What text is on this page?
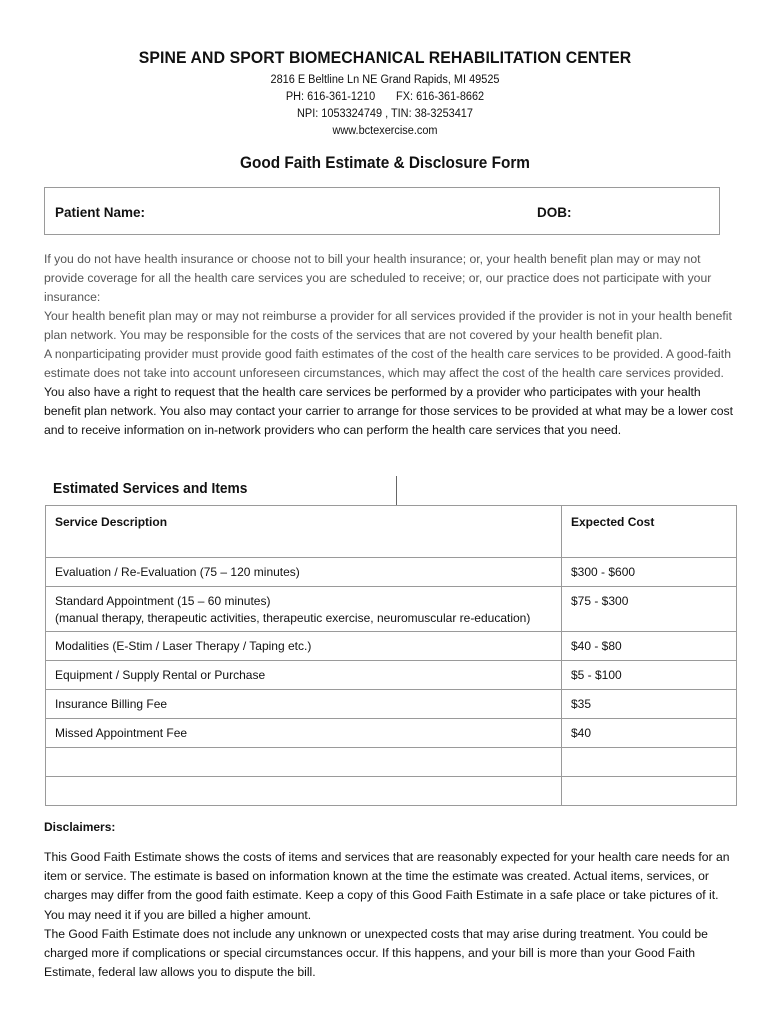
SPINE AND SPORT BIOMECHANICAL REHABILITATION CENTER
2816 E Beltline Ln NE Grand Rapids, MI 49525
PH: 616-361-1210 FX: 616-361-8662
NPI: 1053324749 , TIN: 38-3253417
www.bctexercise.com
Good Faith Estimate & Disclosure Form
Patient Name:	DOB:

If you do not have health insurance or choose not to bill your health insurance; or, your health benefit plan may or may not provide coverage for all the health care services you are scheduled to receive; or, our practice does not participate with your insurance:

Your health benefit plan may or may not reimburse a provider for all services provided if the provider is not in your health benefit plan network. You may be responsible for the costs of the services that are not covered by your health benefit plan.

A nonparticipating provider must provide good faith estimates of the cost of the health care services to be provided. A good-faith estimate does not take into account unforeseen circumstances, which may affect the cost of the health care services provided.

You also have a right to request that the health care services be performed by a provider who participates with your health benefit plan network. You also may contact your carrier to arrange for those services to be provided at what may be a lower cost and to receive information on in-network providers who can perform the health care services that you need.

Estimated Services and Items
Service Description	Expected Cost
Evaluation / Re-Evaluation (75 – 120 minutes)	$300 - $600

Standard Appointment (15 – 60 minutes)
(manual therapy, therapeutic activities, therapeutic exercise, neuromuscular re-education)	$75 - $300
Modalities (E-Stim / Laser Therapy / Taping etc.)	$40 - $80
Equipment / Supply Rental or Purchase	$5 - $100
Insurance Billing Fee	$35
Missed Appointment Fee	$40

Disclaimers:

This Good Faith Estimate shows the costs of items and services that are reasonably expected for your health care needs for an item or service. The estimate is based on information known at the time the estimate was created. Actual items, services, or charges may differ from the good faith estimate. Keep a copy of this Good Faith Estimate in a safe place or take pictures of it. You may need it if you are billed a higher amount.

The Good Faith Estimate does not include any unknown or unexpected costs that may arise during treatment. You could be charged more if complications or special circumstances occur. If this happens, and your bill is more than your Good Faith Estimate, federal law allows you to dispute the bill.
